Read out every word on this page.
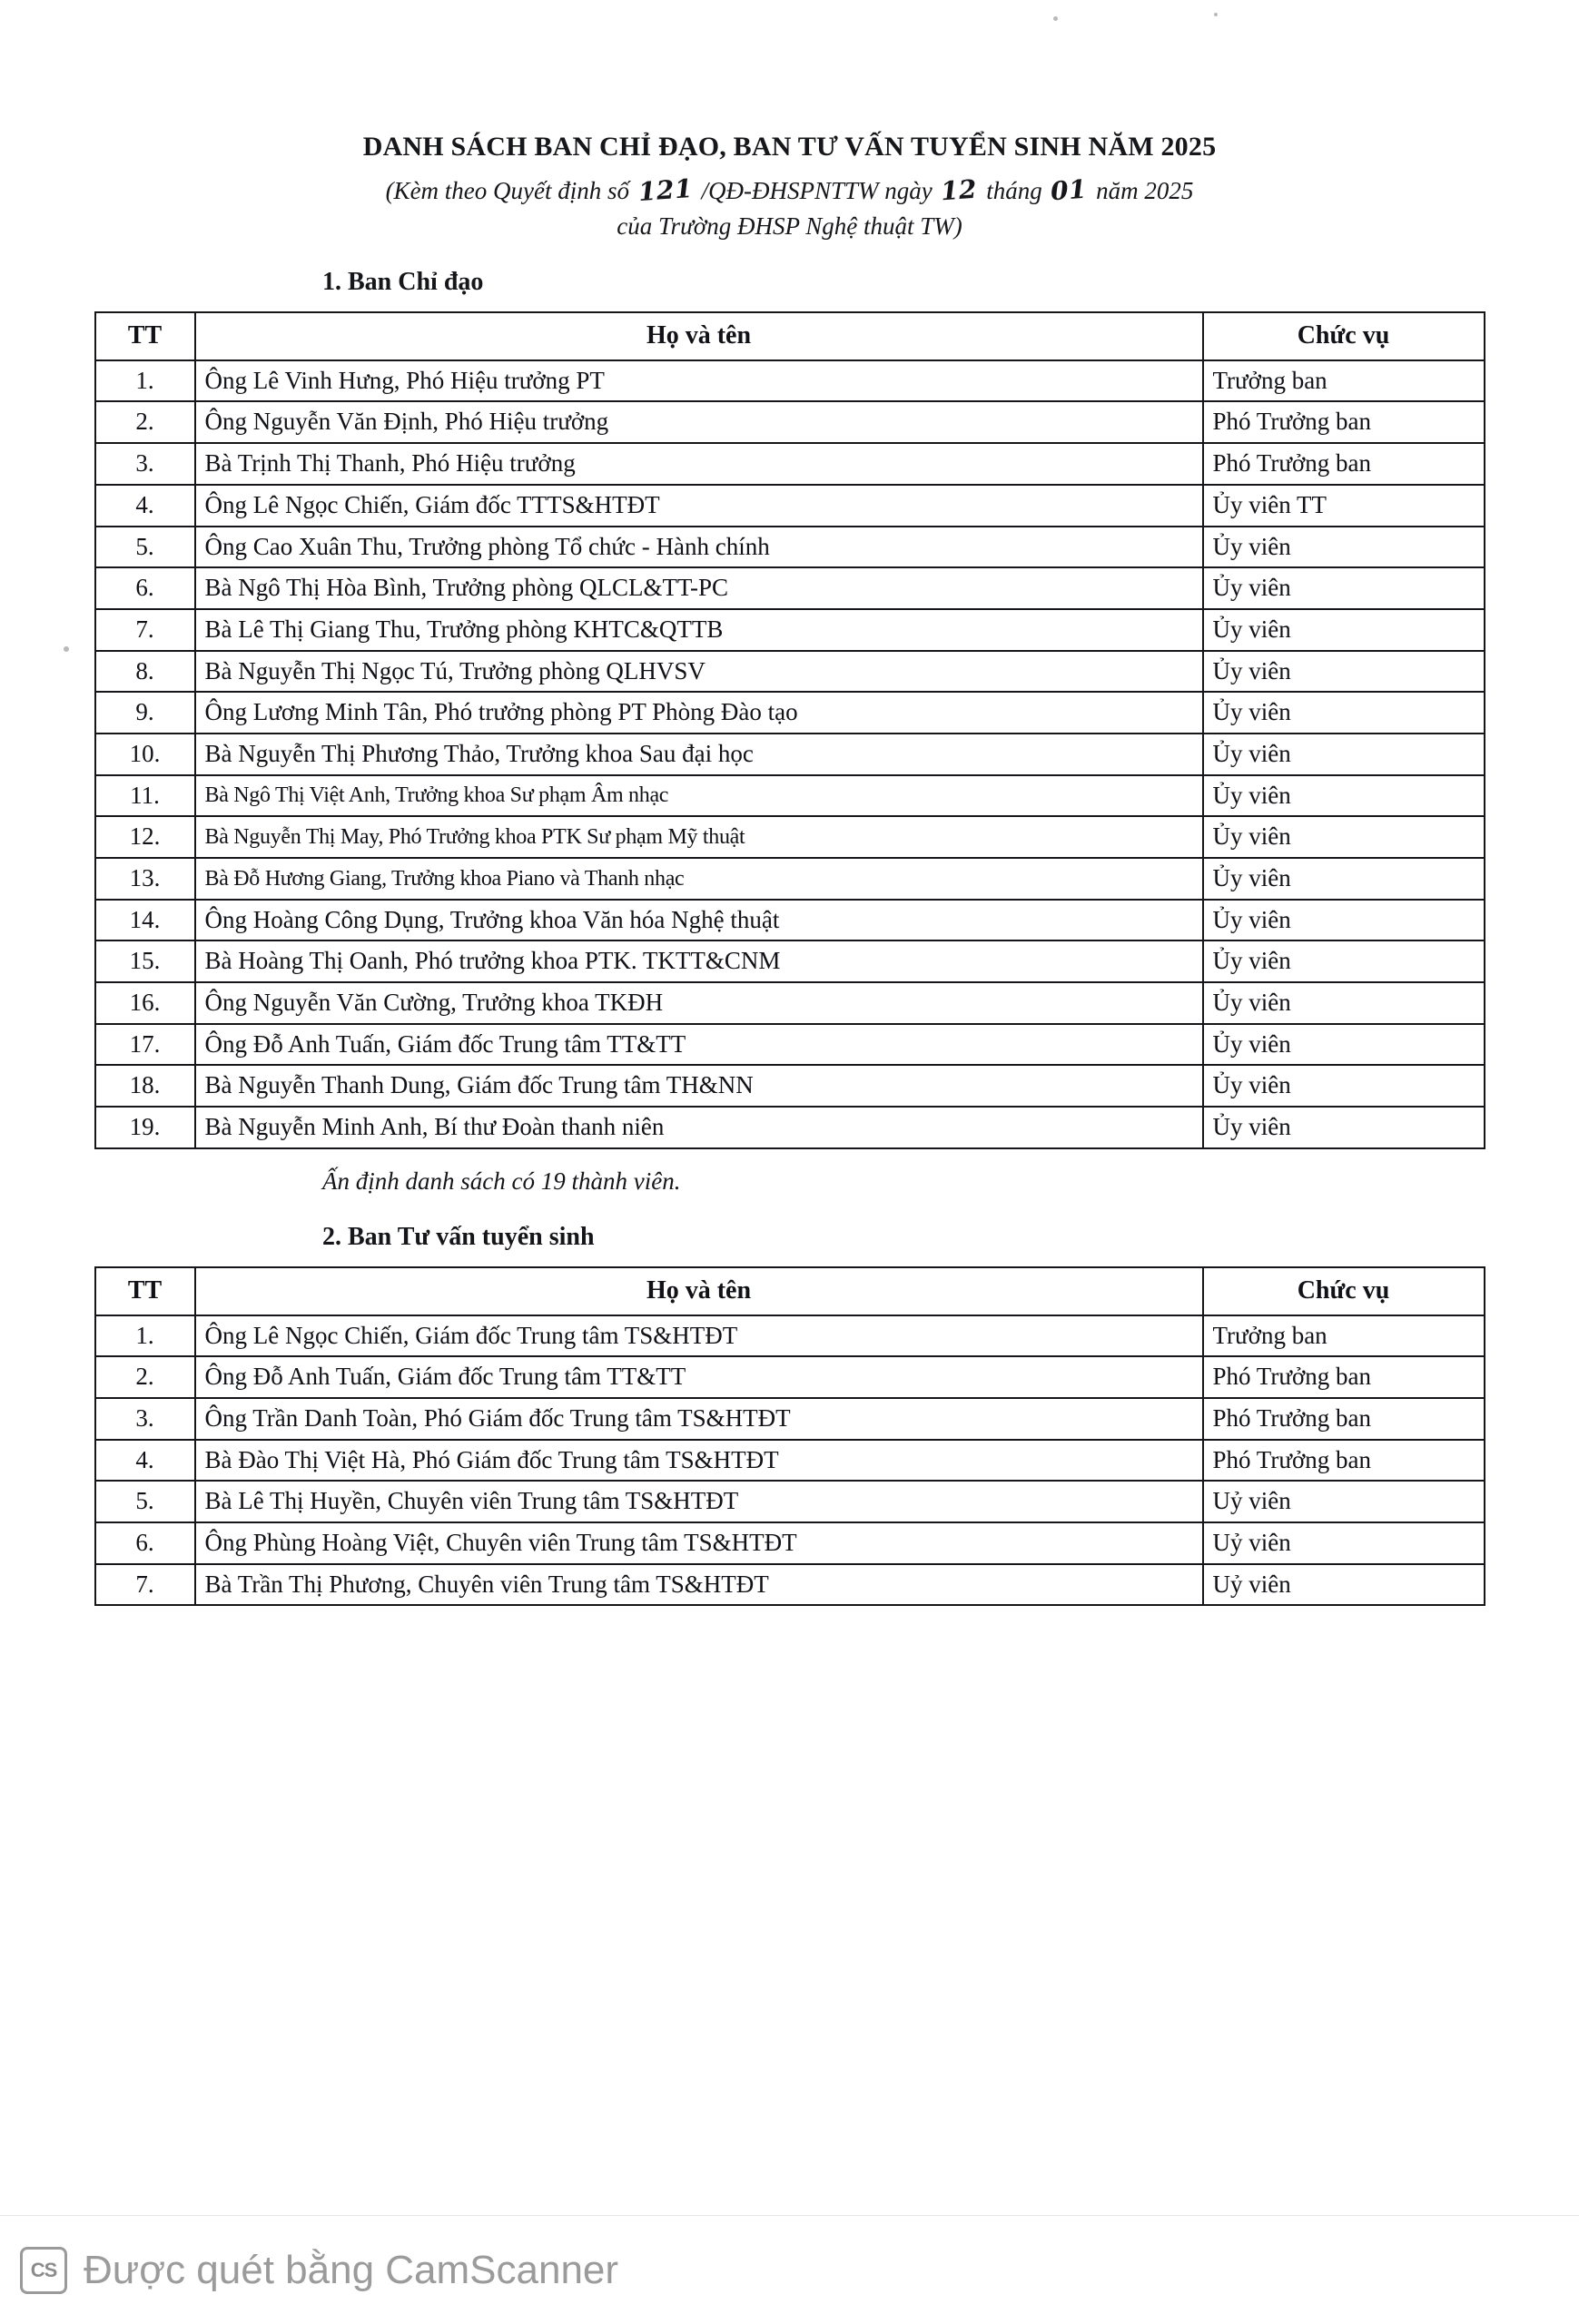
DANH SÁCH BAN CHỈ ĐẠO, BAN TƯ VẤN TUYỂN SINH NĂM 2025
(Kèm theo Quyết định số 121 /QĐ-ĐHSPNTTW ngày 12 tháng 01 năm 2025
của Trường ĐHSP Nghệ thuật TW)
1. Ban Chỉ đạo
TT	Họ và tên	Chức vụ
1.	Ông Lê Vinh Hưng, Phó Hiệu trưởng PT	Trưởng ban
2.	Ông Nguyễn Văn Định, Phó Hiệu trưởng	Phó Trưởng ban
3.	Bà Trịnh Thị Thanh, Phó Hiệu trưởng	Phó Trưởng ban
4.	Ông Lê Ngọc Chiến, Giám đốc TTTS&HTĐT	Ủy viên TT
5.	Ông Cao Xuân Thu, Trưởng phòng Tổ chức - Hành chính	Ủy viên
6.	Bà Ngô Thị Hòa Bình, Trưởng phòng QLCL&TT-PC	Ủy viên
7.	Bà Lê Thị Giang Thu, Trưởng phòng KHTC&QTTB	Ủy viên
8.	Bà Nguyễn Thị Ngọc Tú, Trưởng phòng QLHVSV	Ủy viên
9.	Ông Lương Minh Tân, Phó trưởng phòng PT Phòng Đào tạo	Ủy viên
10.	Bà Nguyễn Thị Phương Thảo, Trưởng khoa Sau đại học	Ủy viên
11.	Bà Ngô Thị Việt Anh, Trưởng khoa Sư phạm Âm nhạc	Ủy viên
12.	Bà Nguyễn Thị May, Phó Trưởng khoa PTK Sư phạm Mỹ thuật	Ủy viên
13.	Bà Đỗ Hương Giang, Trưởng khoa Piano và Thanh nhạc	Ủy viên
14.	Ông Hoàng Công Dụng, Trưởng khoa Văn hóa Nghệ thuật	Ủy viên
15.	Bà Hoàng Thị Oanh, Phó trưởng khoa PTK. TKTT&CNM	Ủy viên
16.	Ông Nguyễn Văn Cường, Trưởng khoa TKĐH	Ủy viên
17.	Ông Đỗ Anh Tuấn, Giám đốc Trung tâm TT&TT	Ủy viên
18.	Bà Nguyễn Thanh Dung, Giám đốc Trung tâm TH&NN	Ủy viên
19.	Bà Nguyễn Minh Anh, Bí thư Đoàn thanh niên	Ủy viên
Ấn định danh sách có 19 thành viên.
2. Ban Tư vấn tuyển sinh
TT	Họ và tên	Chức vụ
1.	Ông Lê Ngọc Chiến, Giám đốc Trung tâm TS&HTĐT	Trưởng ban
2.	Ông Đỗ Anh Tuấn, Giám đốc Trung tâm TT&TT	Phó Trưởng ban
3.	Ông Trần Danh Toàn, Phó Giám đốc Trung tâm TS&HTĐT	Phó Trưởng ban
4.	Bà Đào Thị Việt Hà, Phó Giám đốc Trung tâm TS&HTĐT	Phó Trưởng ban
5.	Bà Lê Thị Huyền, Chuyên viên Trung tâm TS&HTĐT	Uỷ viên
6.	Ông Phùng Hoàng Việt, Chuyên viên Trung tâm TS&HTĐT	Uỷ viên
7.	Bà Trần Thị Phương, Chuyên viên Trung tâm TS&HTĐT	Uỷ viên
CS Được quét bằng CamScanner
